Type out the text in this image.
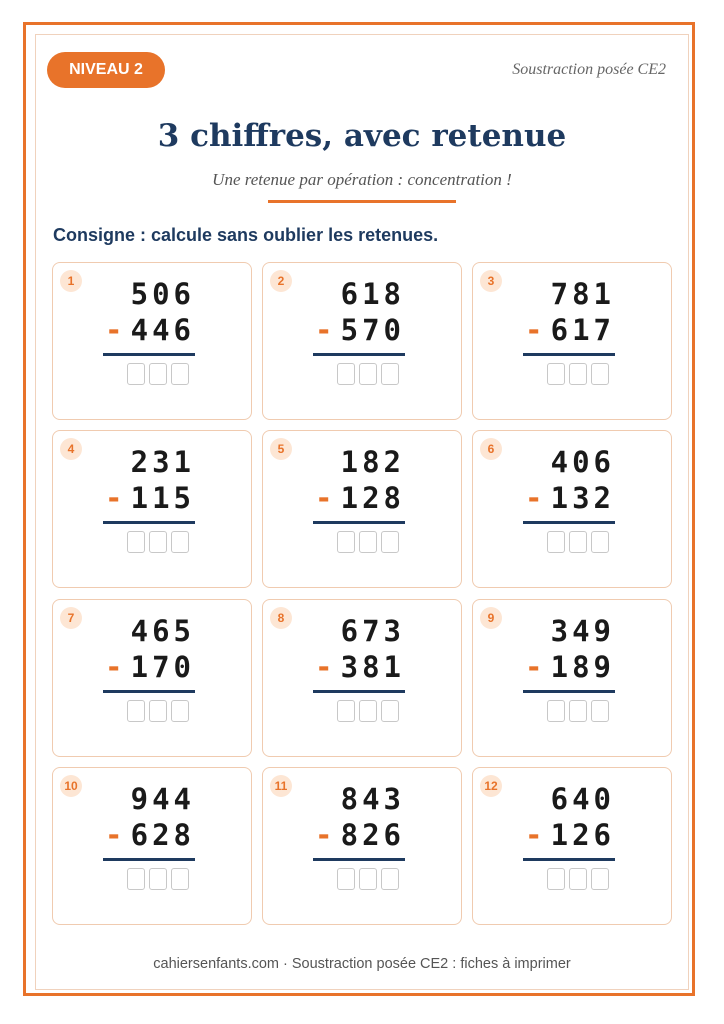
NIVEAU 2	Soustraction posée CE2
3 chiffres, avec retenue
Une retenue par opération : concentration !
Consigne : calcule sans oublier les retenues.
1	506
- 446
2	618
- 570
3	781
- 617
4	231
- 115
5	182
- 128
6	406
- 132
7	465
- 170
8	673
- 381
9	349
- 189
10	944
- 628
11	843
- 826
12	640
- 126
cahiersenfants.com · Soustraction posée CE2 : fiches à imprimer
